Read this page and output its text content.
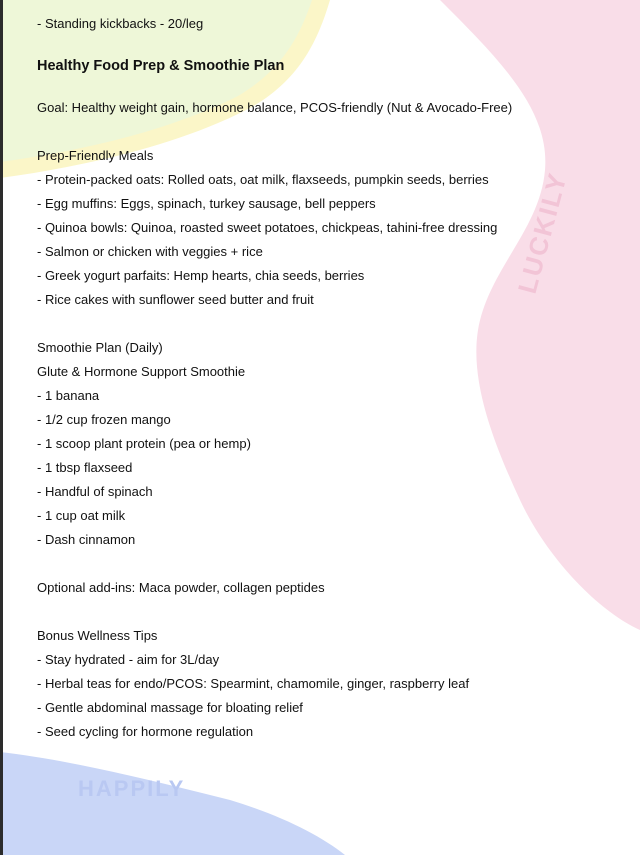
LUCKILY
HAPPILY

- Standing kickbacks - 20/leg

Healthy Food Prep & Smoothie Plan

Goal: Healthy weight gain, hormone balance, PCOS-friendly (Nut & Avocado-Free)

Prep-Friendly Meals

- Protein-packed oats: Rolled oats, oat milk, flaxseeds, pumpkin seeds, berries

- Egg muffins: Eggs, spinach, turkey sausage, bell peppers

- Quinoa bowls: Quinoa, roasted sweet potatoes, chickpeas, tahini-free dressing

- Salmon or chicken with veggies + rice

- Greek yogurt parfaits: Hemp hearts, chia seeds, berries

- Rice cakes with sunflower seed butter and fruit

Smoothie Plan (Daily)

Glute & Hormone Support Smoothie

- 1 banana

- 1/2 cup frozen mango

- 1 scoop plant protein (pea or hemp)

- 1 tbsp flaxseed

- Handful of spinach

- 1 cup oat milk

- Dash cinnamon

Optional add-ins: Maca powder, collagen peptides

Bonus Wellness Tips

- Stay hydrated - aim for 3L/day

- Herbal teas for endo/PCOS: Spearmint, chamomile, ginger, raspberry leaf

- Gentle abdominal massage for bloating relief

- Seed cycling for hormone regulation
